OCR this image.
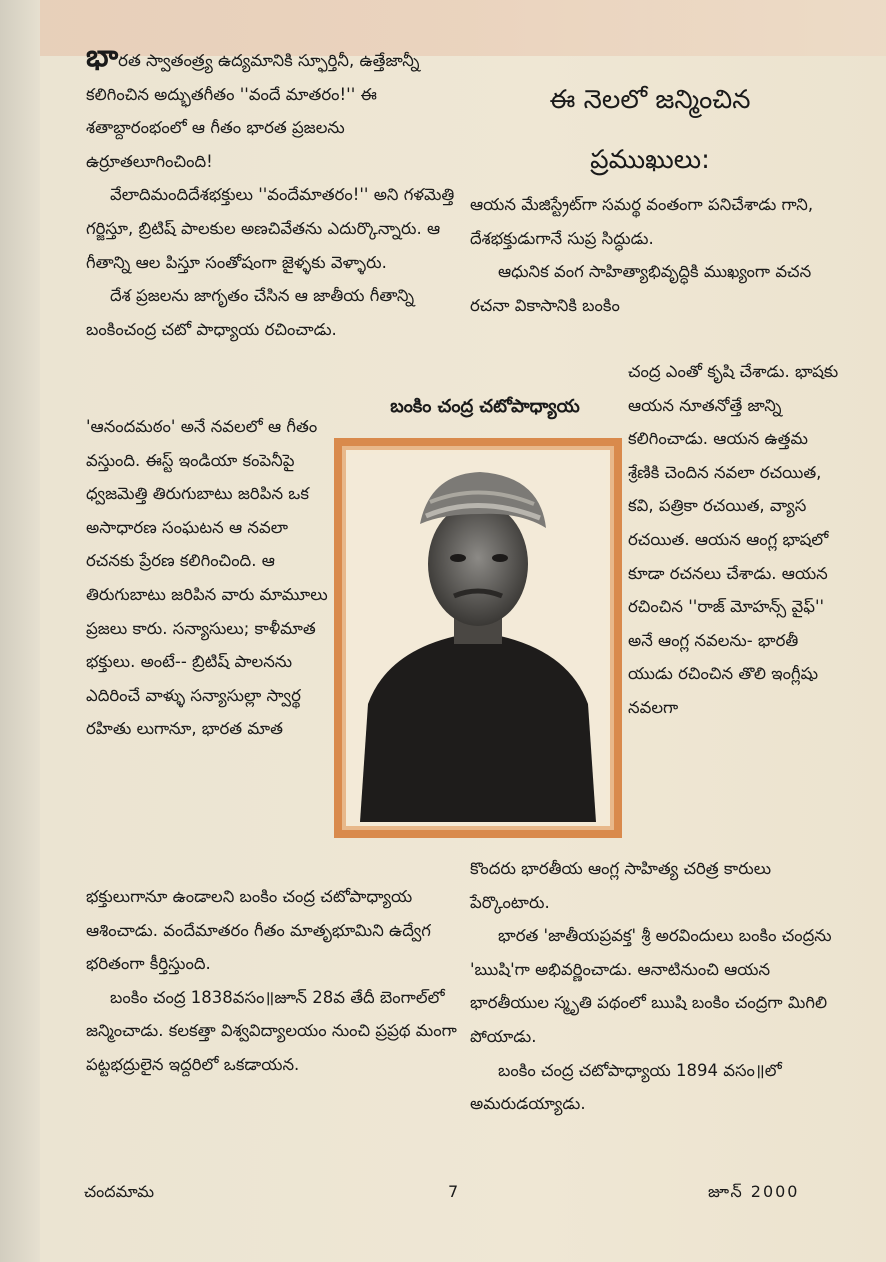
భారత స్వాతంత్ర్య ఉద్యమానికి స్ఫూర్తినీ, ఉత్తేజాన్నీ కలిగించిన అద్భుతగీతం ''వందే మాతరం!'' ఈ శతాబ్దారంభంలో ఆ గీతం భారత ప్రజలను ఉర్రూతలూగించింది!

వేలాదిమందిదేశభక్తులు ''వందేమాతరం!'' అని గళమెత్తి గర్జిస్తూ, బ్రిటిష్ పాలకుల అణచివేతను ఎదుర్కొన్నారు. ఆ గీతాన్ని ఆల పిస్తూ సంతోషంగా జైళ్ళకు వెళ్ళారు.

దేశ ప్రజలను జాగృతం చేసిన ఆ జాతీయ గీతాన్ని బంకించంద్ర చటో పాధ్యాయ రచించాడు.

'ఆనందమఠం' అనే నవలలో ఆ గీతం వస్తుంది. ఈస్ట్ ఇండియా కంపెనీపై ధ్వజమెత్తి తిరుగుబాటు జరిపిన ఒక అసాధారణ సంఘటన ఆ నవలా రచనకు ప్రేరణ కలిగించింది. ఆ తిరుగుబాటు జరిపిన వారు మామూలు ప్రజలు కారు. సన్యాసులు; కాళీమాత భక్తులు. అంటే-- బ్రిటిష్ పాలనను ఎదిరించే వాళ్ళు సన్యాసుల్లా స్వార్థ రహితు లుగానూ, భారత మాత

భక్తులుగానూ ఉండాలని బంకిం చంద్ర చటోపాధ్యాయ ఆశించాడు. వందేమాతరం గీతం మాతృభూమిని ఉద్వేగ భరితంగా కీర్తిస్తుంది.

బంకిం చంద్ర 1838వసం॥జూన్ 28వ తేదీ బెంగాల్‌లో జన్మించాడు. కలకత్తా విశ్వవిద్యాలయం నుంచి ప్రప్రథ మంగా పట్టభద్రులైన ఇద్దరిలో ఒకడాయన.

ఈ నెలలో జన్మించిన
ప్రముఖులు:

ఆయన మేజిస్ట్రేట్‌గా సమర్థ వంతంగా పనిచేశాడు గాని, దేశభక్తుడుగానే సుప్ర సిద్ధుడు.

ఆధునిక వంగ సాహిత్యాభివృద్ధికి ముఖ్యంగా వచన రచనా వికాసానికి బంకిం

చంద్ర ఎంతో కృషి చేశాడు. భాషకు ఆయన నూతనోత్తే జాన్ని కలిగించాడు. ఆయన ఉత్తమ శ్రేణికి చెందిన నవలా రచయిత, కవి, పత్రికా రచయిత, వ్యాస రచయిత. ఆయన ఆంగ్ల భాషలో కూడా రచనలు చేశాడు. ఆయన రచించిన ''రాజ్ మోహన్స్ వైఫ్'' అనే ఆంగ్ల నవలను- భారతీ యుడు రచించిన తొలి ఇంగ్లీషు నవలగా

కొందరు భారతీయ ఆంగ్ల సాహిత్య చరిత్ర కారులు పేర్కొంటారు.

భారత 'జాతీయప్రవక్త' శ్రీ అరవిందులు బంకిం చంద్రను 'ఋషి'గా అభివర్ణించాడు. ఆనాటినుంచి ఆయన భారతీయుల స్మృతి పథంలో ఋషి బంకిం చంద్రగా మిగిలి పోయాడు.

బంకిం చంద్ర చటోపాధ్యాయ 1894 వసం॥లో అమరుడయ్యాడు.

బంకిం చంద్ర చటోపాధ్యాయ
చందమామ	7	జూన్ 2000
